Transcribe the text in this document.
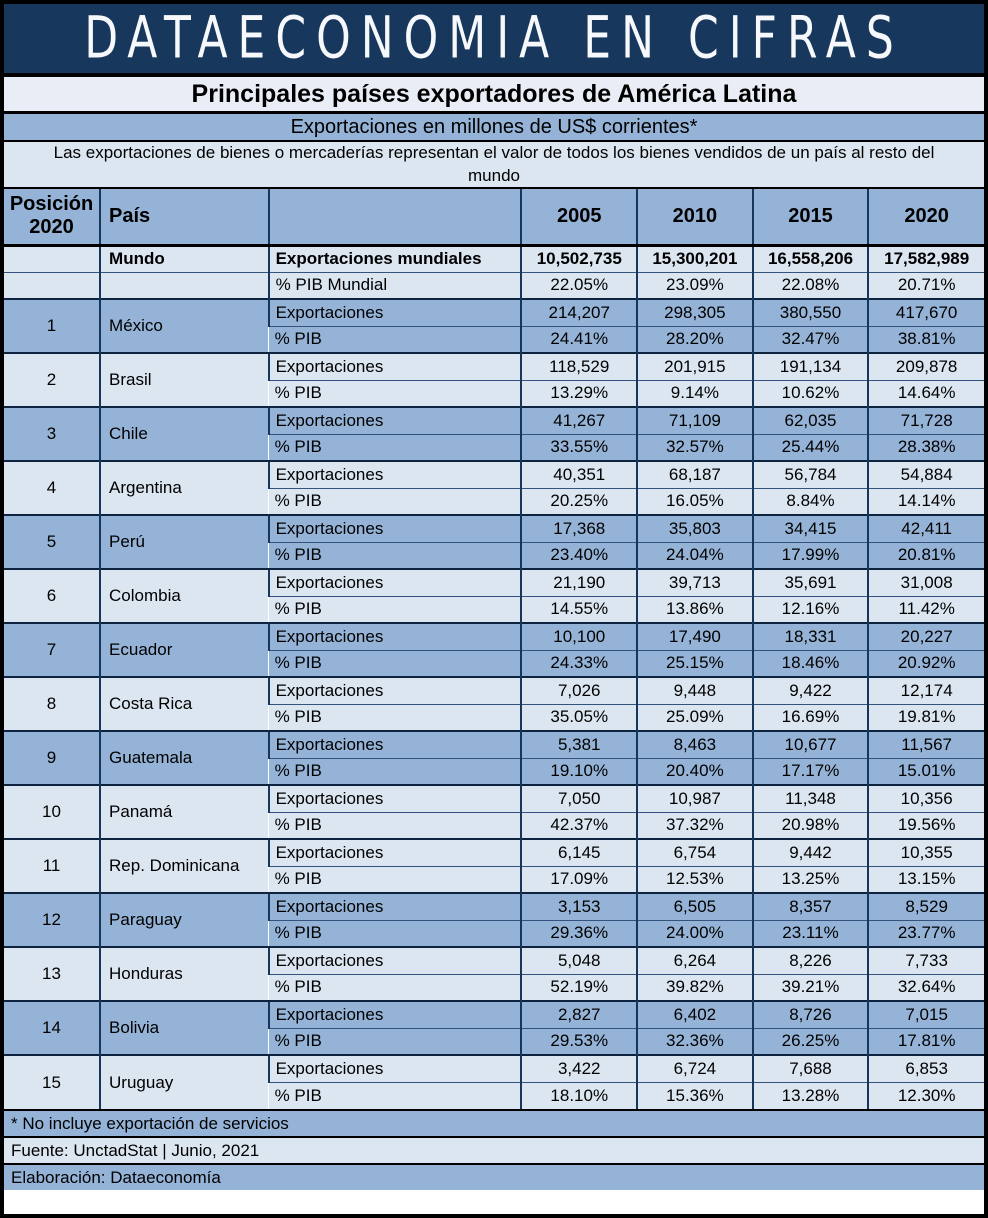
DATAECONOMIA EN CIFRAS
Principales países exportadores de América Latina
Exportaciones en millones de US$ corrientes*
Las exportaciones de bienes o mercaderías representan el valor de todos los bienes vendidos de un país al resto del mundo
Posición 2020	País		2005	2010	2015	2020
	Mundo	Exportaciones mundiales	10,502,735	15,300,201	16,558,206	17,582,989
		% PIB Mundial	22.05%	23.09%	22.08%	20.71%
1	México	Exportaciones	214,207	298,305	380,550	417,670
		% PIB	24.41%	28.20%	32.47%	38.81%
2	Brasil	Exportaciones	118,529	201,915	191,134	209,878
		% PIB	13.29%	9.14%	10.62%	14.64%
3	Chile	Exportaciones	41,267	71,109	62,035	71,728
		% PIB	33.55%	32.57%	25.44%	28.38%
4	Argentina	Exportaciones	40,351	68,187	56,784	54,884
		% PIB	20.25%	16.05%	8.84%	14.14%
5	Perú	Exportaciones	17,368	35,803	34,415	42,411
		% PIB	23.40%	24.04%	17.99%	20.81%
6	Colombia	Exportaciones	21,190	39,713	35,691	31,008
		% PIB	14.55%	13.86%	12.16%	11.42%
7	Ecuador	Exportaciones	10,100	17,490	18,331	20,227
		% PIB	24.33%	25.15%	18.46%	20.92%
8	Costa Rica	Exportaciones	7,026	9,448	9,422	12,174
		% PIB	35.05%	25.09%	16.69%	19.81%
9	Guatemala	Exportaciones	5,381	8,463	10,677	11,567
		% PIB	19.10%	20.40%	17.17%	15.01%
10	Panamá	Exportaciones	7,050	10,987	11,348	10,356
		% PIB	42.37%	37.32%	20.98%	19.56%
11	Rep. Dominicana	Exportaciones	6,145	6,754	9,442	10,355
		% PIB	17.09%	12.53%	13.25%	13.15%
12	Paraguay	Exportaciones	3,153	6,505	8,357	8,529
		% PIB	29.36%	24.00%	23.11%	23.77%
13	Honduras	Exportaciones	5,048	6,264	8,226	7,733
		% PIB	52.19%	39.82%	39.21%	32.64%
14	Bolivia	Exportaciones	2,827	6,402	8,726	7,015
		% PIB	29.53%	32.36%	26.25%	17.81%
15	Uruguay	Exportaciones	3,422	6,724	7,688	6,853
		% PIB	18.10%	15.36%	13.28%	12.30%
* No incluye exportación de servicios
Fuente: UnctadStat | Junio, 2021
Elaboración: Dataeconomía
